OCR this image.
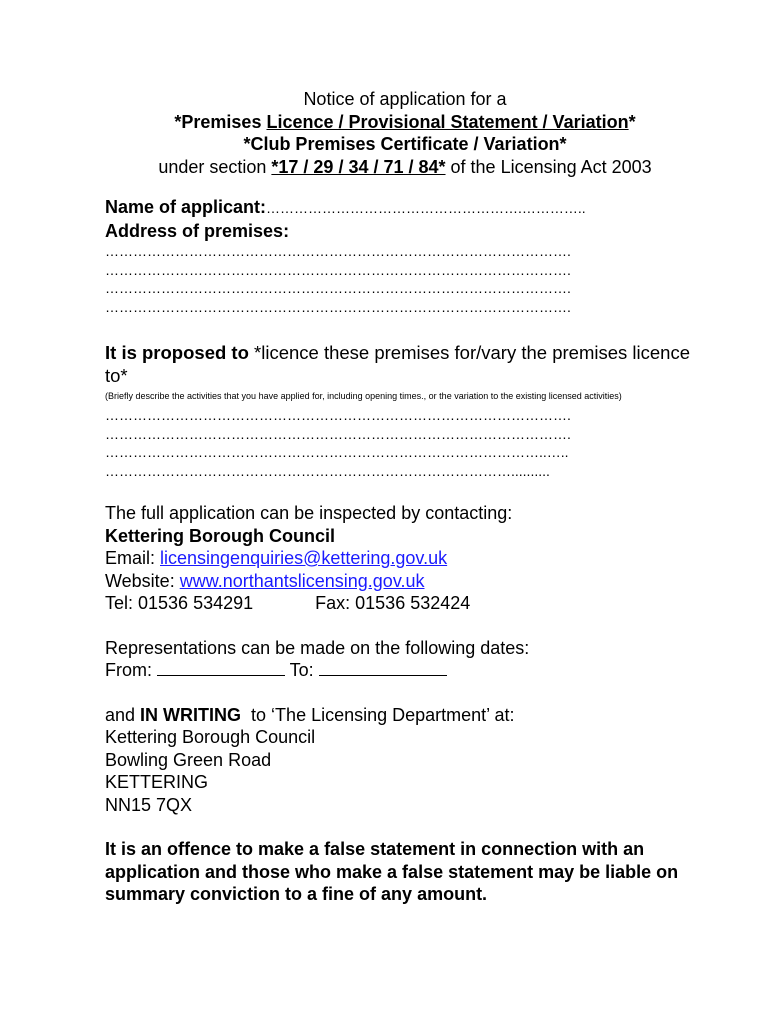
Notice of application for a

*Premises Licence / Provisional Statement / Variation*

*Club Premises Certificate / Variation*

under section *17 / 29 / 34 / 71 / 84* of the Licensing Act 2003

Name of applicant:……………………………………………….…………..

Address of premises:

……………………………………………………………………………………….
……………………………………………………………………………………….
……………………………………………………………………………………….
……………………………………………………………………………………….

It is proposed to *licence these premises for/vary the premises licence to*

(Briefly describe the activities that you have applied for, including opening times., or the variation to the existing licensed activities)

……………………………………………………………………………………….
……………………………………………………………………………………….
…………………………………………………………………………………..…..
……………………………………………………………………………..........

The full application can be inspected by contacting:

Kettering Borough Council

Email: licensingenquiries@kettering.gov.uk

Website: www.northantslicensing.gov.uk

Tel: 01536 534291	Fax: 01536 532424

Representations can be made on the following dates:

From:	To:

and IN WRITING  to ‘The Licensing Department’ at:

Kettering Borough Council

Bowling Green Road

KETTERING

NN15 7QX

It is an offence to make a false statement in connection with an application and those who make a false statement may be liable on summary conviction to a fine of any amount.
